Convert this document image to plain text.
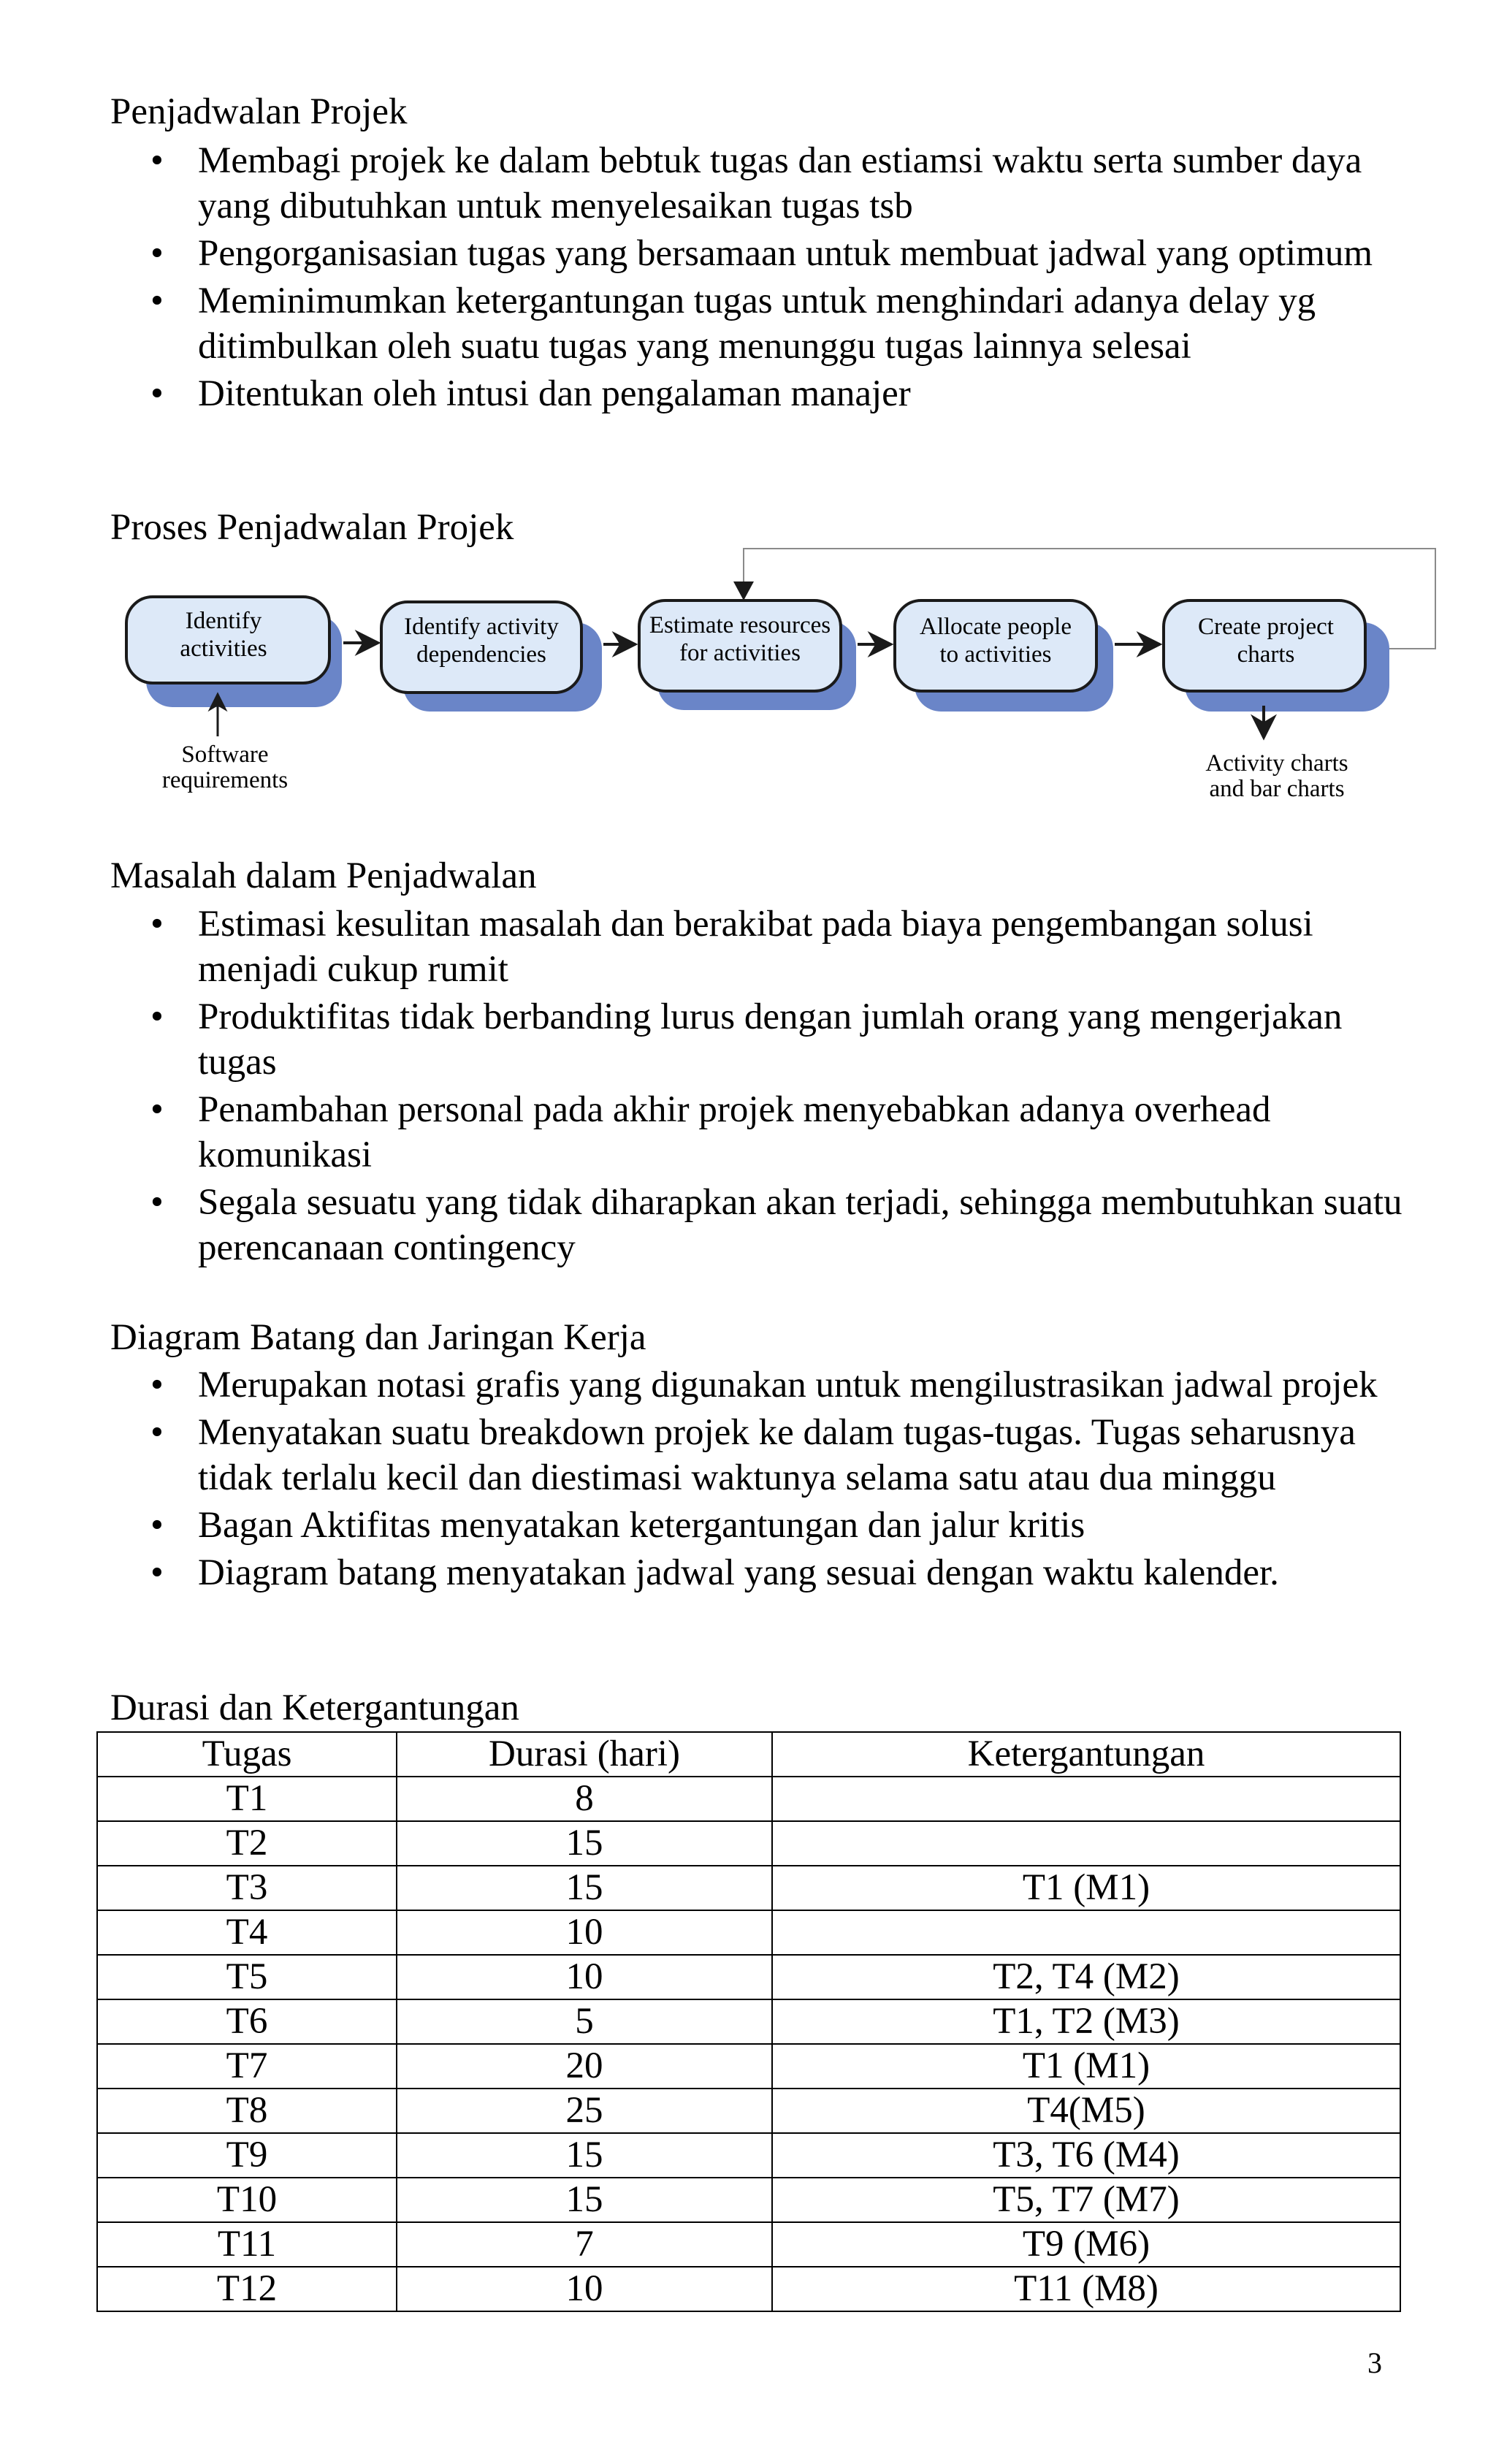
Penjadwalan Projek
• Membagi projek ke dalam bebtuk tugas dan estiamsi waktu serta sumber daya yang dibutuhkan untuk menyelesaikan tugas tsb
• Pengorganisasian tugas yang bersamaan untuk membuat jadwal yang optimum
• Meminimumkan ketergantungan tugas untuk menghindari adanya delay yg ditimbulkan oleh suatu tugas yang menunggu tugas lainnya selesai
• Ditentukan oleh intusi dan pengalaman manajer
Proses Penjadwalan Projek
Identify
activities
Identify activity
dependencies
Estimate resources
for activities
Allocate people
to activities
Create project
charts
Software
requirements
Activity charts
and bar charts
Masalah dalam Penjadwalan
• Estimasi kesulitan masalah dan berakibat pada biaya pengembangan solusi menjadi cukup rumit
• Produktifitas tidak berbanding lurus dengan jumlah orang yang mengerjakan tugas
• Penambahan personal pada akhir projek menyebabkan adanya overhead komunikasi
• Segala sesuatu yang tidak diharapkan akan terjadi, sehingga membutuhkan suatu perencanaan contingency
Diagram Batang dan Jaringan Kerja
• Merupakan notasi grafis yang digunakan untuk mengilustrasikan jadwal projek
• Menyatakan suatu breakdown projek ke dalam tugas-tugas. Tugas seharusnya tidak terlalu kecil dan diestimasi waktunya selama satu atau dua minggu
• Bagan Aktifitas menyatakan ketergantungan dan jalur kritis
• Diagram batang menyatakan jadwal yang sesuai dengan waktu kalender.
Durasi dan Ketergantungan
Tugas	Durasi (hari)	Ketergantungan
T1	8	
T2	15	
T3	15	T1 (M1)
T4	10	
T5	10	T2, T4 (M2)
T6	5	T1, T2 (M3)
T7	20	T1 (M1)
T8	25	T4(M5)
T9	15	T3, T6 (M4)
T10	15	T5, T7 (M7)
T11	7	T9 (M6)
T12	10	T11 (M8)
3
